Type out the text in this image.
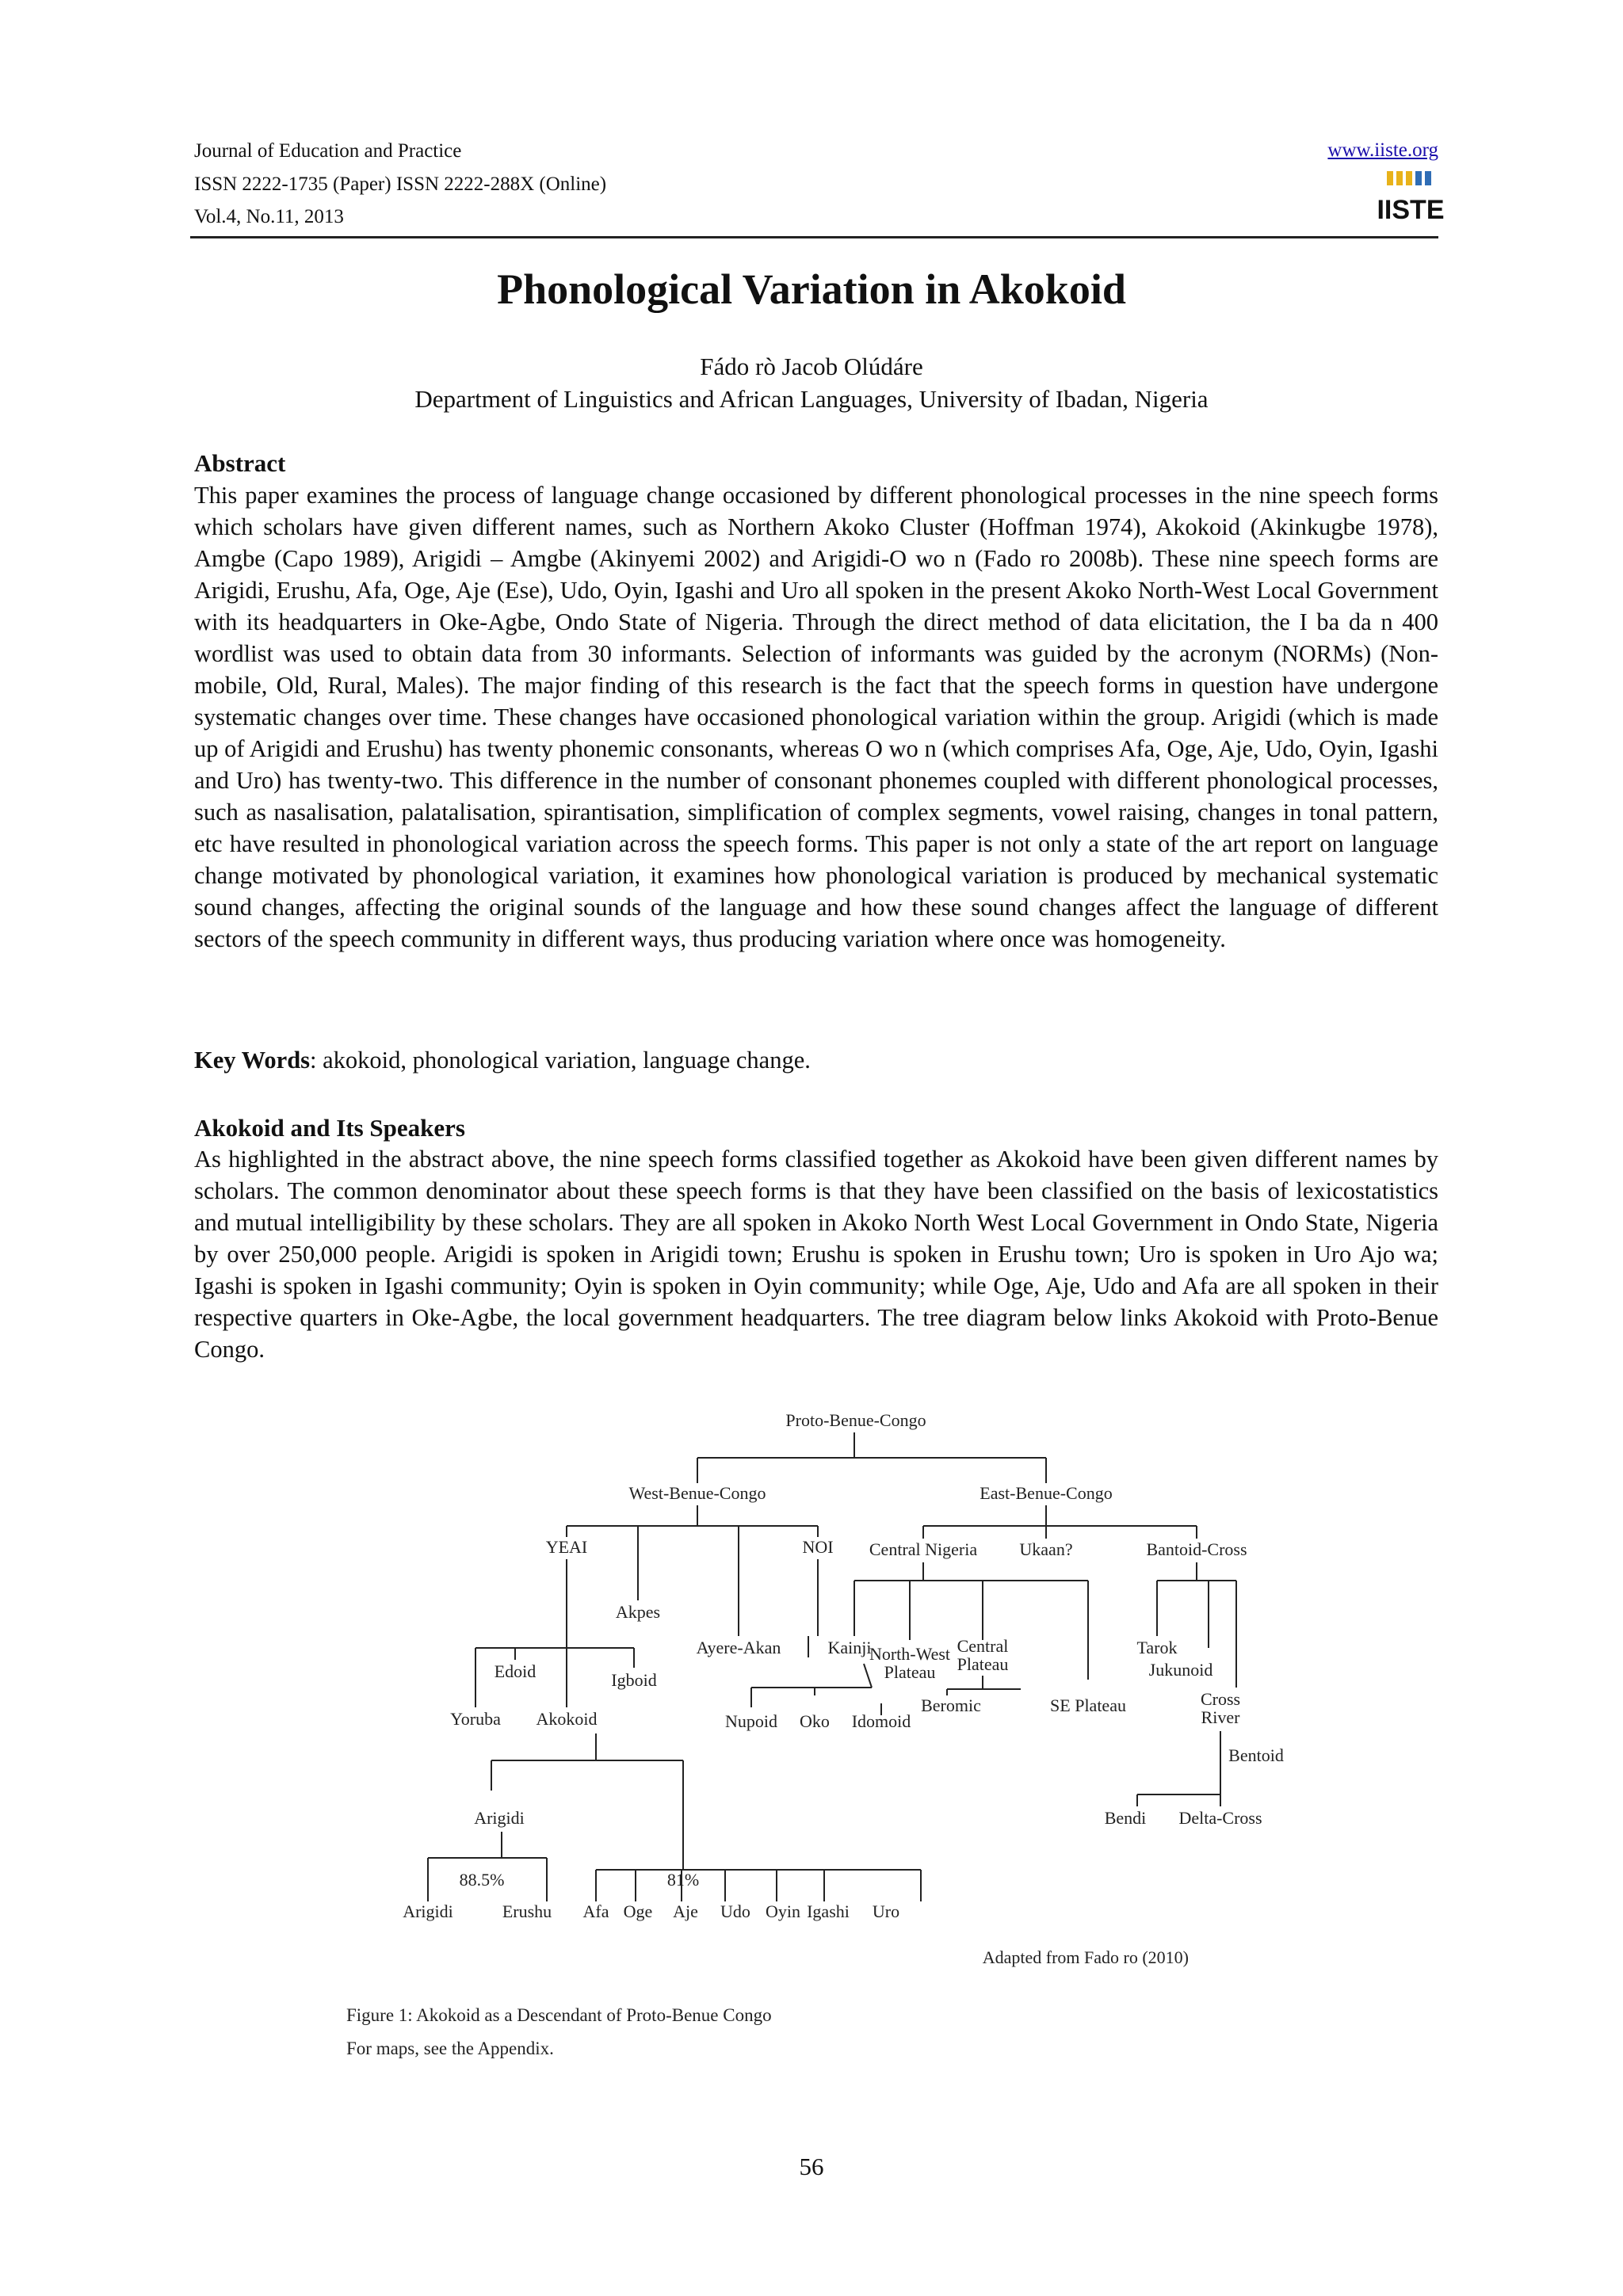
Journal of Education and Practice
ISSN 2222-1735 (Paper) ISSN 2222-288X (Online)
Vol.4, No.11, 2013
www.iiste.org
IISTE
Phonological Variation in Akokoid
Fádo rò Jacob Olúdáre
Department of Linguistics and African Languages, University of Ibadan, Nigeria
Abstract

This paper examines the process of language change occasioned by different phonological processes in the nine speech forms which scholars have given different names, such as Northern Akoko Cluster (Hoffman 1974), Akokoid (Akinkugbe 1978), Amgbe (Capo 1989), Arigidi – Amgbe (Akinyemi 2002) and Arigidi-O wo n (Fado ro 2008b). These nine speech forms are Arigidi, Erushu, Afa, Oge, Aje (Ese), Udo, Oyin, Igashi and Uro all spoken in the present Akoko North-West Local Government with its headquarters in Oke-Agbe, Ondo State of Nigeria. Through the direct method of data elicitation, the I ba da n 400 wordlist was used to obtain data from 30 informants. Selection of informants was guided by the acronym (NORMs) (Non-mobile, Old, Rural, Males). The major finding of this research is the fact that the speech forms in question have undergone systematic changes over time. These changes have occasioned phonological variation within the group. Arigidi (which is made up of Arigidi and Erushu) has twenty phonemic consonants, whereas O wo n (which comprises Afa, Oge, Aje, Udo, Oyin, Igashi and Uro) has twenty-two. This difference in the number of consonant phonemes coupled with different phonological processes, such as nasalisation, palatalisation, spirantisation, simplification of complex segments, vowel raising, changes in tonal pattern, etc have resulted in phonological variation across the speech forms. This paper is not only a state of the art report on language change motivated by phonological variation, it examines how phonological variation is produced by mechanical systematic sound changes, affecting the original sounds of the language and how these sound changes affect the language of different sectors of the speech community in different ways, thus producing variation where once was homogeneity.

Key Words: akokoid, phonological variation, language change.
Akokoid and Its Speakers

As highlighted in the abstract above, the nine speech forms classified together as Akokoid have been given different names by scholars. The common denominator about these speech forms is that they have been classified on the basis of lexicostatistics and mutual intelligibility by these scholars. They are all spoken in Akoko North West Local Government in Ondo State, Nigeria by over 250,000 people. Arigidi is spoken in Arigidi town; Erushu is spoken in Erushu town; Uro is spoken in Uro Ajo wa; Igashi is spoken in Igashi community; Oyin is spoken in Oyin community; while Oge, Aje, Udo and Afa are all spoken in their respective quarters in Oke-Agbe, the local government headquarters. The tree diagram below links Akokoid with Proto-Benue Congo.

Proto-Benue-Congo
West-Benue-Congo	East-Benue-Congo
YEAI	NOI
Akpes
Ayere-Akan	Kainji
Edoid	Igboid
Yoruba Akokoid
Central Nigeria Ukaan?	Bantoid-Cross
North-West
Plateau
Central
Plateau
Beromic	SE Plateau
Nupoid Oko Idomoid
Tarok
Jukunoid
Cross
River
Bentoid
Bendi Delta-Cross
Arigidi
88.5%	81%
Arigidi	Erushu Afa Oge Aje Udo Oyin Igashi Uro
Adapted from Fado ro (2010)
Figure 1: Akokoid as a Descendant of Proto-Benue Congo
For maps, see the Appendix.
56
